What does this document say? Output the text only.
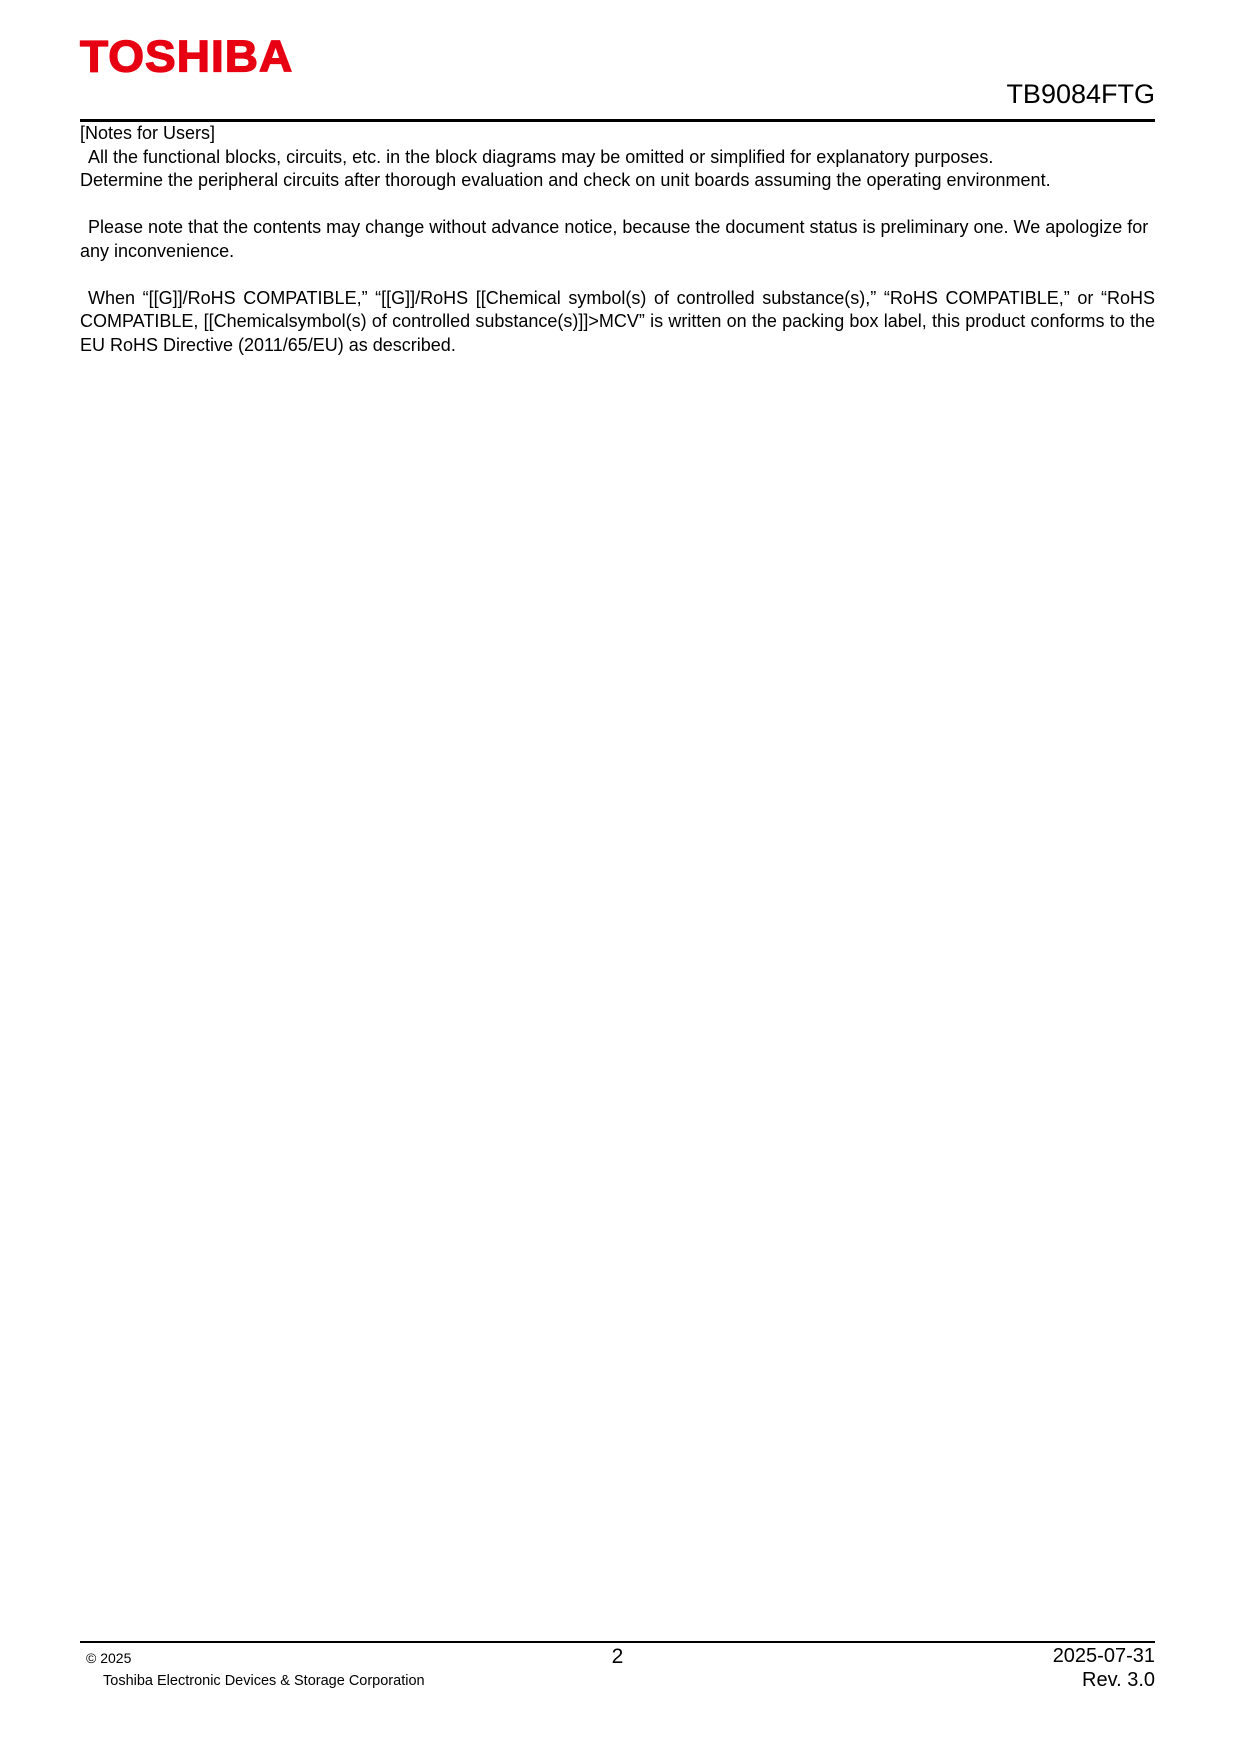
TOSHIBA
TB9084FTG

[Notes for Users]

All the functional blocks, circuits, etc. in the block diagrams may be omitted or simplified for explanatory purposes.

Determine the peripheral circuits after thorough evaluation and check on unit boards assuming the operating environment.

Please note that the contents may change without advance notice, because the document status is preliminary one. We apologize for any inconvenience.

When “[[G]]/RoHS COMPATIBLE,” “[[G]]/RoHS [[Chemical symbol(s) of controlled substance(s),” “RoHS COMPATIBLE,” or “RoHS COMPATIBLE, [[Chemicalsymbol(s) of controlled substance(s)]]>MCV” is written on the packing box label, this product conforms to the EU RoHS Directive (2011/65/EU) as described.

© 2025
Toshiba Electronic Devices & Storage Corporation
2	2025-07-31
Rev. 3.0
